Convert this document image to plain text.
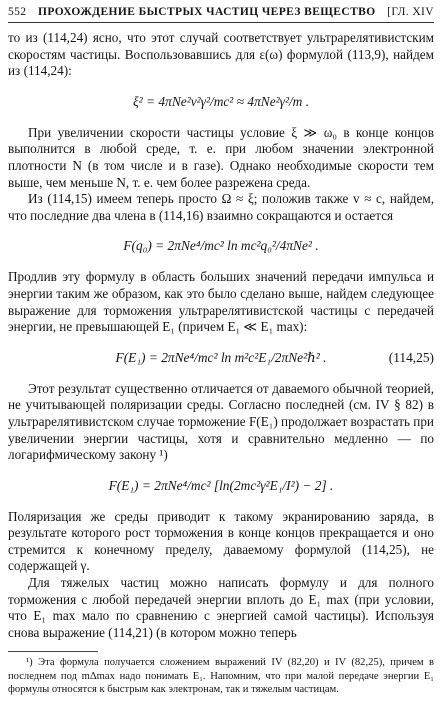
552 ПРОХОЖДЕНИЕ БЫСТРЫХ ЧАСТИЦ ЧЕРЕЗ ВЕЩЕСТВО [ГЛ. XIV

то из (114,24) ясно, что этот случай соответствует ультрарелятивистским скоростям частицы. Воспользовавшись для ε(ω) формулой (113,9), найдем из (114,24):

ξ² = 4πNe²v²γ²/mc² ≈ 4πNe²γ²/m .

При увеличении скорости частицы условие ξ ≫ ω₀ в конце концов выполнится в любой среде, т. е. при любом значении электронной плотности N (в том числе и в газе). Однако необходимые скорости тем выше, чем меньше N, т. е. чем более разрежена среда.

Из (114,15) имеем теперь просто Ω ≈ ξ; положив также v ≈ c, найдем, что последние два члена в (114,16) взаимно сокращаются и остается

F(q₀) = 2πNe⁴/mc² ln mc²q₀²/4πNe² .

Продлив эту формулу в область больших значений передачи импульса и энергии таким же образом, как это было сделано выше, найдем следующее выражение для торможения ультрарелятивистской частицы с передачей энергии, не превышающей E₁ (причем E₁ ≪ E₁ max):

F(E₁) = 2πNe⁴/mc² ln m²c²E₁/2πNe²ℏ² .	(114,25)

Этот результат существенно отличается от даваемого обычной теорией, не учитывающей поляризации среды. Согласно последней (см. IV § 82) в ультрарелятивистском случае торможение F(E₁) продолжает возрастать при увеличении энергии частицы, хотя и сравнительно медленно — по логарифмическому закону ¹)

F(E₁) = 2πNe⁴/mc² [ln(2mc²γ²E₁/I²) − 2] .

Поляризация же среды приводит к такому экранированию заряда, в результате которого рост торможения в конце концов прекращается и оно стремится к конечному пределу, даваемому формулой (114,25), не содержащей γ.

Для тяжелых частиц можно написать формулу и для полного торможения с любой передачей энергии вплоть до E₁ max (при условии, что E₁ max мало по сравнению с энергией самой частицы). Используя снова выражение (114,21) (в котором можно теперь

¹) Эта формула получается сложением выражений IV (82,20) и IV (82,25), причем в последнем под mΔmax надо понимать E₁. Напомним, что при малой передаче энергии E₁ формулы относятся к быстрым как электронам, так и тяжелым частицам.
